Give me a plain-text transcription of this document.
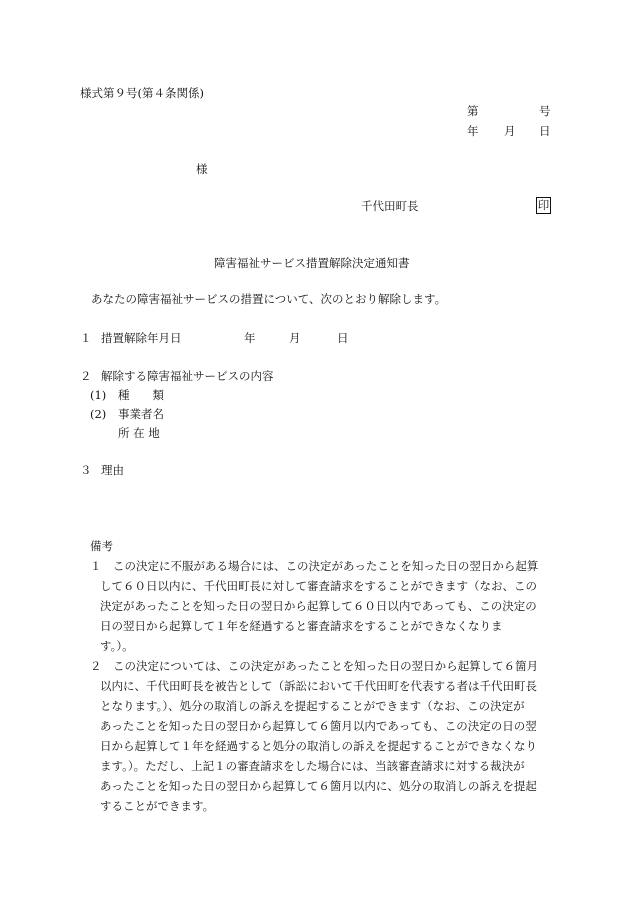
様式第９号(第４条関係)
第	号
年 月 日
様
千代田町長	印
障害福祉サービス措置解除決定通知書
あなたの障害福祉サービスの措置について、次のとおり解除します。
１ 措置解除年月日	年	月	日
２ 解除する障害福祉サービスの内容
(1) 種　　類
(2) 事業者名
所 在 地
３ 理由
備考
１　この決定に不服がある場合には、この決定があったことを知った日の翌日から起算
して６０日以内に、千代田町長に対して審査請求をすることができます（なお、この
決定があったことを知った日の翌日から起算して６０日以内であっても、この決定の
日の翌日から起算して１年を経過すると審査請求をすることができなくなりま
す。）。
２　この決定については、この決定があったことを知った日の翌日から起算して６箇月
以内に、千代田町長を被告として（訴訟において千代田町を代表する者は千代田町長
となります。）、処分の取消しの訴えを提起することができます（なお、この決定が
あったことを知った日の翌日から起算して６箇月以内であっても、この決定の日の翌
日から起算して１年を経過すると処分の取消しの訴えを提起することができなくなり
ます。）。ただし、上記１の審査請求をした場合には、当該審査請求に対する裁決が
あったことを知った日の翌日から起算して６箇月以内に、処分の取消しの訴えを提起
することができます。
